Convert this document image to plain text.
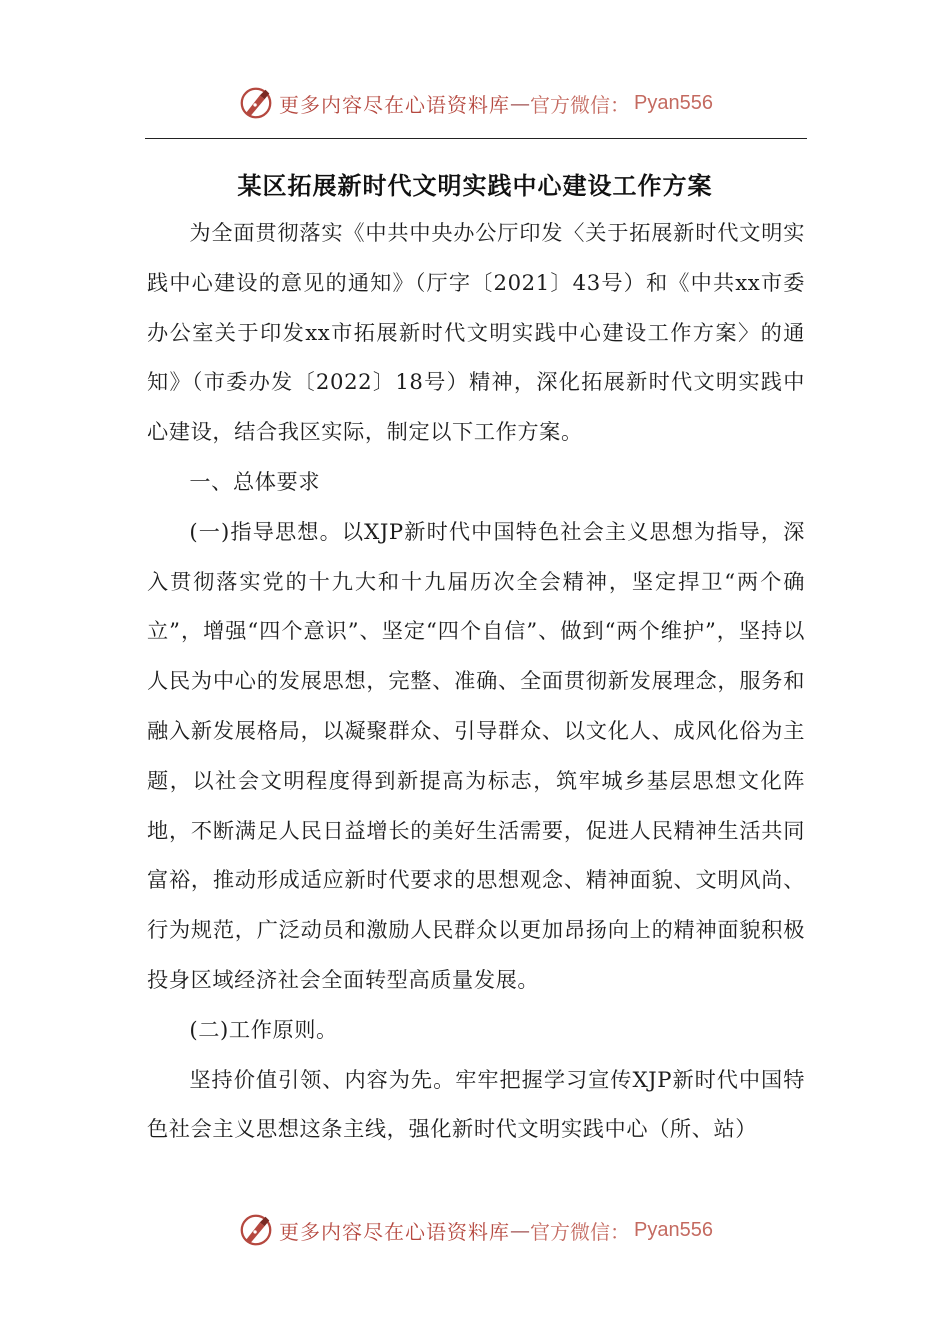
更多内容尽在心语资料库 — 官方微信： Pyan556
某区拓展新时代文明实践中心建设工作方案

为全面贯彻落实《中共中央办公厅印发〈关于拓展新时代文明实践中心建设的意见的通知》（厅字〔2021〕43号）和《中共xx市委办公室关于印发xx市拓展新时代文明实践中心建设工作方案〉的通知》（市委办发〔2022〕18号）精神，深化拓展新时代文明实践中心建设，结合我区实际，制定以下工作方案。

一、总体要求

(一)指导思想。以XJP新时代中国特色社会主义思想为指导，深入贯彻落实党的十九大和十九届历次全会精神，坚定捍卫“两个确立”，增强“四个意识”、坚定“四个自信”、做到“两个维护”，坚持以人民为中心的发展思想，完整、准确、全面贯彻新发展理念，服务和融入新发展格局，以凝聚群众、引导群众、以文化人、成风化俗为主题，以社会文明程度得到新提高为标志，筑牢城乡基层思想文化阵地，不断满足人民日益增长的美好生活需要，促进人民精神生活共同富裕，推动形成适应新时代要求的思想观念、精神面貌、文明风尚、行为规范，广泛动员和激励人民群众以更加昂扬向上的精神面貌积极投身区域经济社会全面转型高质量发展。

(二)工作原则。

坚持价值引领、内容为先。牢牢把握学习宣传XJP新时代中国特色社会主义思想这条主线，强化新时代文明实践中心（所、站）

更多内容尽在心语资料库 — 官方微信： Pyan556
